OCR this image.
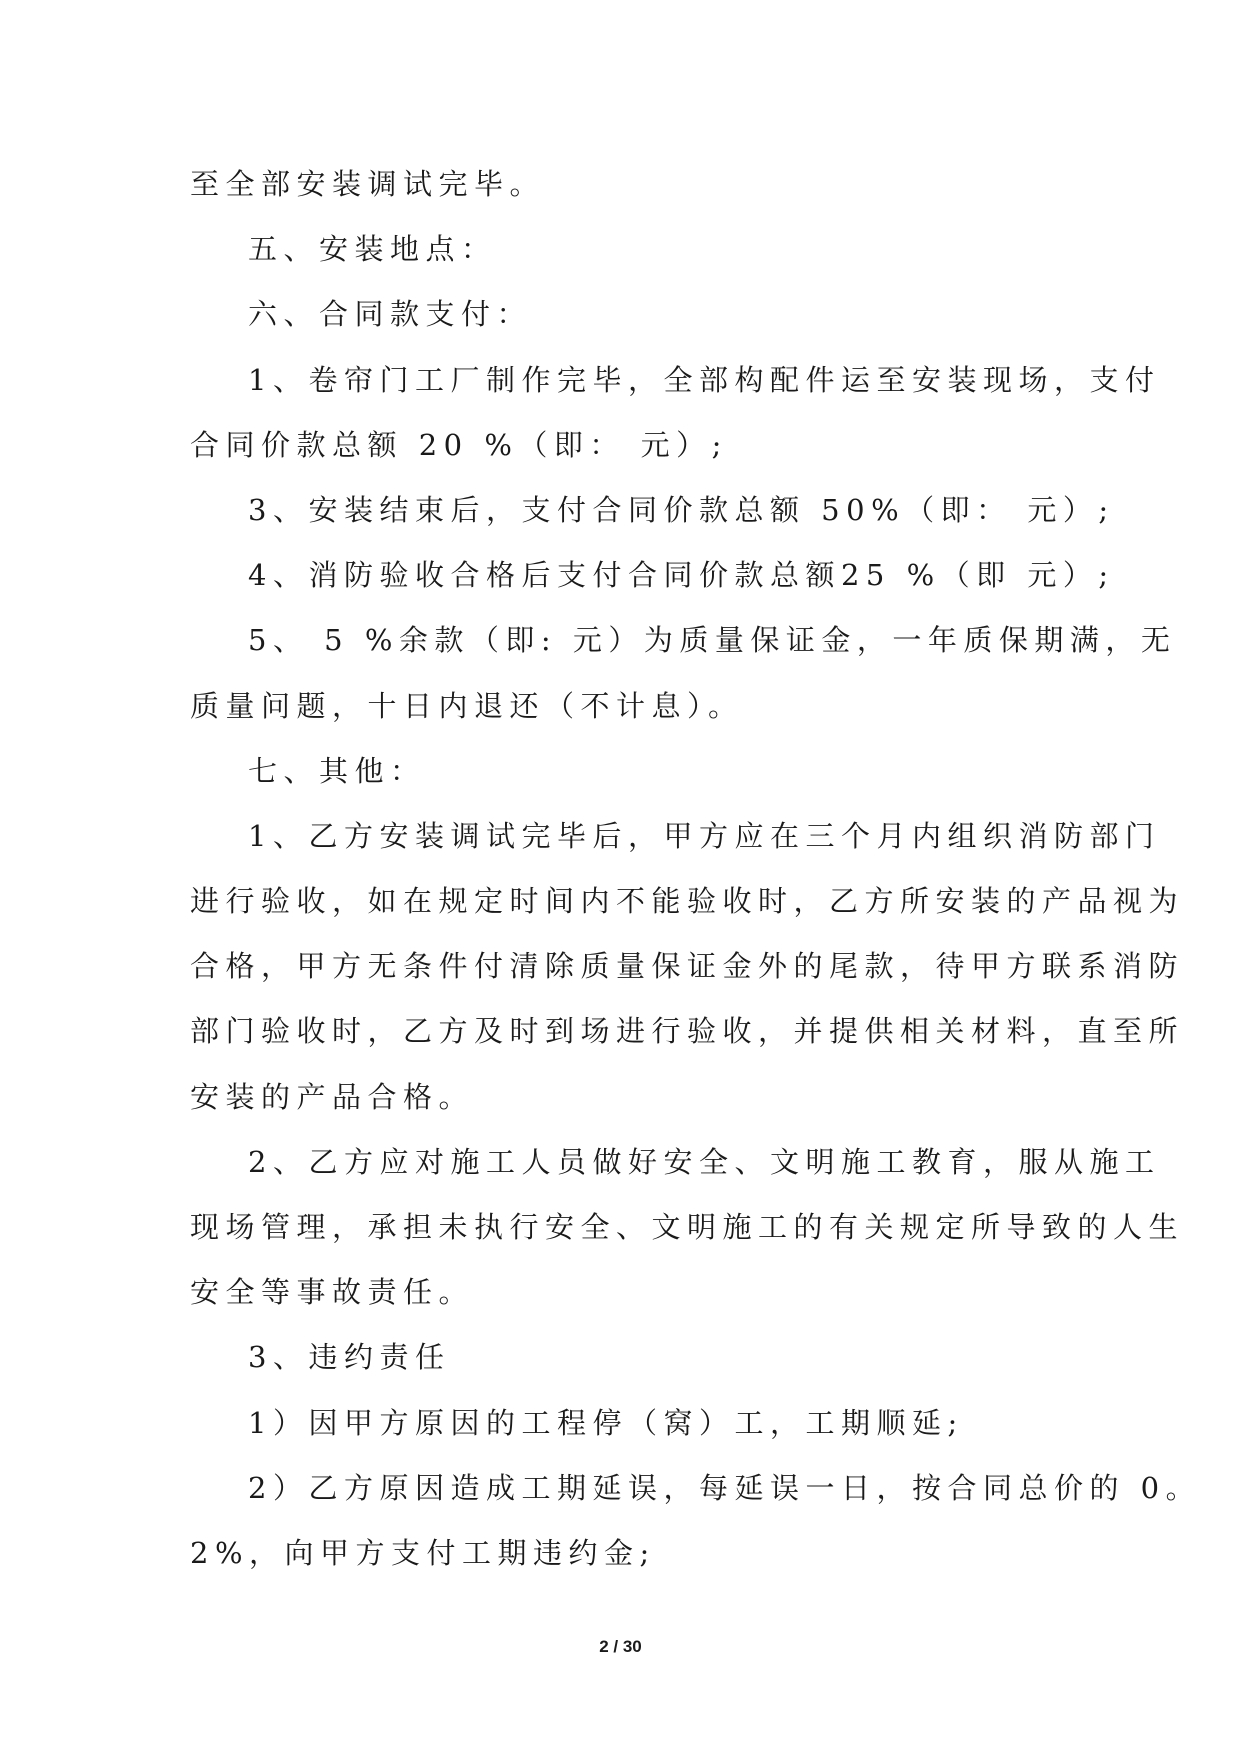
至全部安装调试完毕。
五、安装地点：
六、合同款支付：
1、卷帘门工厂制作完毕，全部构配件运至安装现场，支付
合同价款总额 20 %（即： 元）;
3、安装结束后，支付合同价款总额 50%（即： 元）;
4、消防验收合格后支付合同价款总额25 %（即 元）;
5、 5 %余款（即: 元）为质量保证金，一年质保期满，无
质量问题，十日内退还（不计息）。
七、其他：
1、乙方安装调试完毕后，甲方应在三个月内组织消防部门
进行验收，如在规定时间内不能验收时，乙方所安装的产品视为
合格，甲方无条件付清除质量保证金外的尾款，待甲方联系消防
部门验收时，乙方及时到场进行验收，并提供相关材料，直至所
安装的产品合格。
2、乙方应对施工人员做好安全、文明施工教育，服从施工
现场管理，承担未执行安全、文明施工的有关规定所导致的人生
安全等事故责任。
3、违约责任
1）因甲方原因的工程停（窝）工，工期顺延;
2）乙方原因造成工期延误，每延误一日，按合同总价的 0。
2%，向甲方支付工期违约金;
2 / 30
